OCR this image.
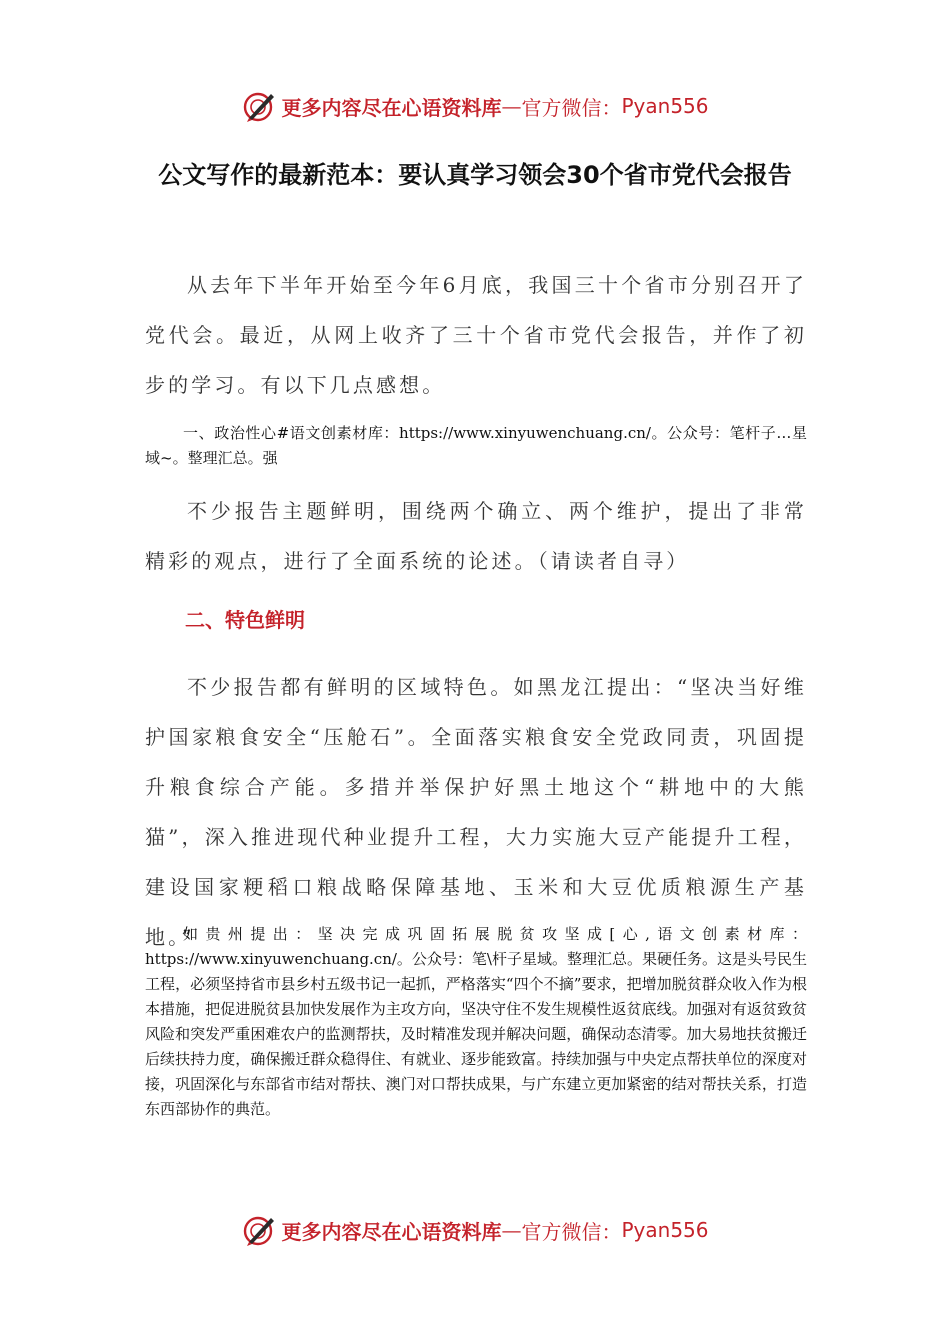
更多内容尽在心语资料库 — 官方微信： Pyan556
公文写作的最新范本：要认真学习领会30个省市党代会报告

从去年下半年开始至今年6月底，我国三十个省市分别召开了党代会。最近，从网上收齐了三十个省市党代会报告，并作了初步的学习。有以下几点感想。

一、政治性心#语文创素材库：https://www.xinyuwenchuang.cn/。公众号：笔杆子…星域~。整理汇总。强

不少报告主题鲜明，围绕两个确立、两个维护，提出了非常精彩的观点，进行了全面系统的论述。（请读者自寻）

二、特色鲜明

不少报告都有鲜明的区域特色。如黑龙江提出：“坚决当好维护国家粮食安全“压舱石”。全面落实粮食安全党政同责，巩固提升粮食综合产能。多措并举保护好黑土地这个“耕地中的大熊猫”，深入推进现代种业提升工程，大力实施大豆产能提升工程，建设国家粳稻口粮战略保障基地、玉米和大豆优质粮源生产基地。”

如贵州提出：坚决完成巩固拓展脱贫攻坚成[心,语文创素材库：https://www.xinyuwenchuang.cn/。公众号：笔\杆子星域。整理汇总。果硬任务。这是头号民生工程，必须坚持省市县乡村五级书记一起抓，严格落实“四个不摘”要求，把增加脱贫群众收入作为根本措施，把促进脱贫县加快发展作为主攻方向，坚决守住不发生规模性返贫底线。加强对有返贫致贫风险和突发严重困难农户的监测帮扶，及时精准发现并解决问题，确保动态清零。加大易地扶贫搬迁后续扶持力度，确保搬迁群众稳得住、有就业、逐步能致富。持续加强与中央定点帮扶单位的深度对接，巩固深化与东部省市结对帮扶、澳门对口帮扶成果，与广东建立更加紧密的结对帮扶关系，打造东西部协作的典范。

更多内容尽在心语资料库 — 官方微信： Pyan556
